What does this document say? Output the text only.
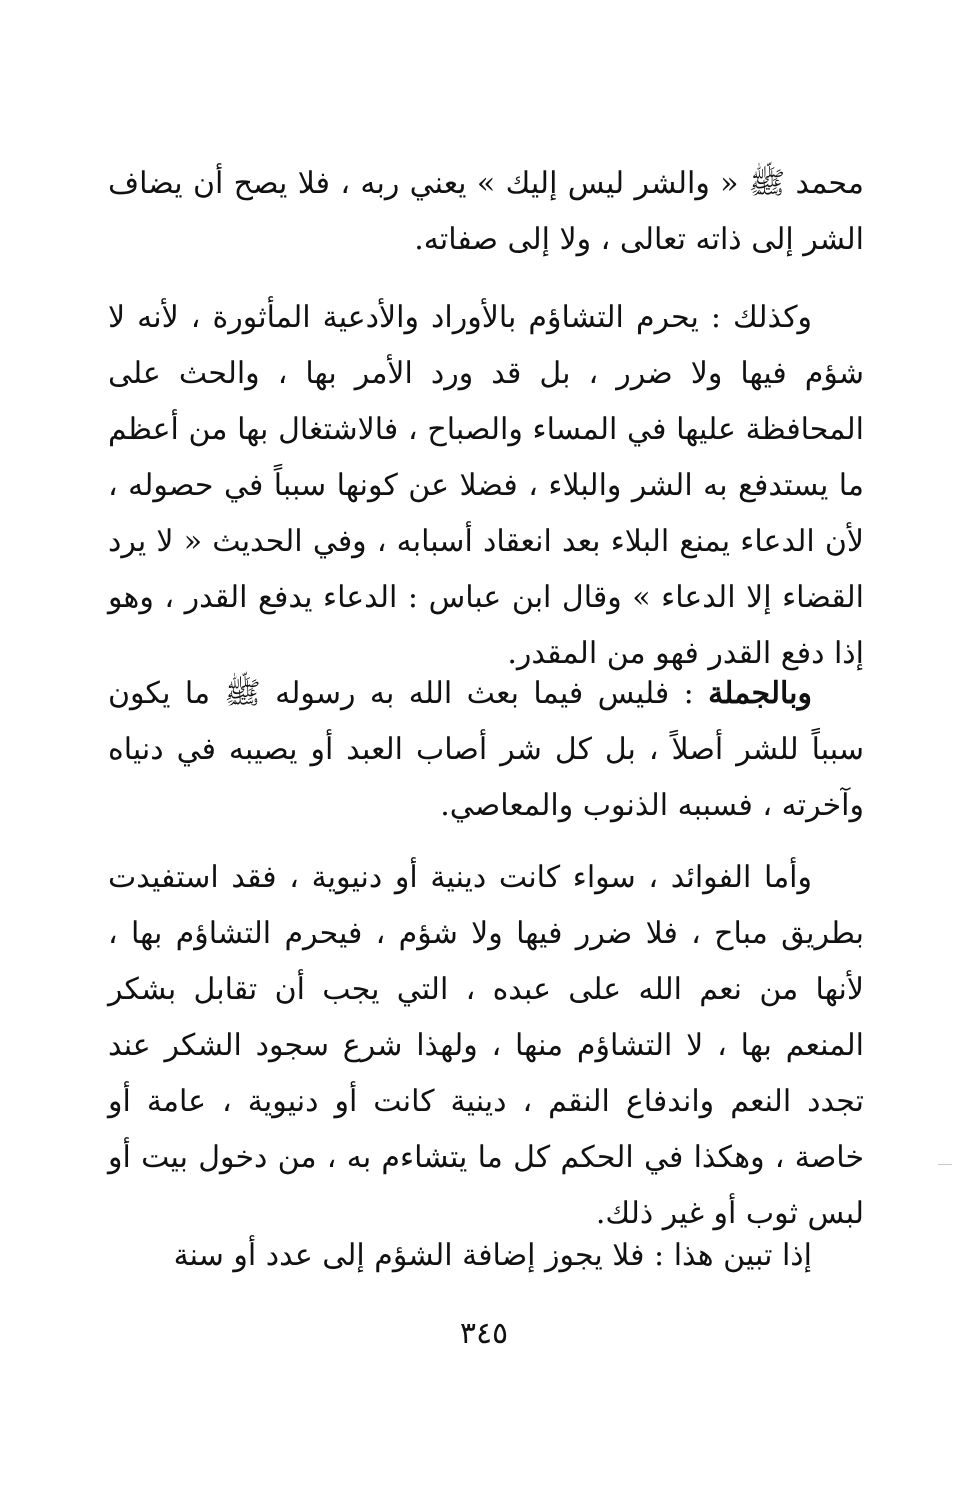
محمد ﷺ « والشر ليس إليك » يعني ربه ، فلا يصح أن يضاف الشر إلى ذاته تعالى ، ولا إلى صفاته.

وكذلك : يحرم التشاؤم بالأوراد والأدعية المأثورة ، لأنه لا شؤم فيها ولا ضرر ، بل قد ورد الأمر بها ، والحث على المحافظة عليها في المساء والصباح ، فالاشتغال بها من أعظم ما يستدفع به الشر والبلاء ، فضلا عن كونها سبباً في حصوله ، لأن الدعاء يمنع البلاء بعد انعقاد أسبابه ، وفي الحديث « لا يرد القضاء إلا الدعاء » وقال ابن عباس : الدعاء يدفع القدر ، وهو إذا دفع القدر فهو من المقدر.

وبالجملة : فليس فيما بعث الله به رسوله ﷺ ما يكون سبباً للشر أصلاً ، بل كل شر أصاب العبد أو يصيبه في دنياه وآخرته ، فسببه الذنوب والمعاصي.

وأما الفوائد ، سواء كانت دينية أو دنيوية ، فقد استفيدت بطريق مباح ، فلا ضرر فيها ولا شؤم ، فيحرم التشاؤم بها ، لأنها من نعم الله على عبده ، التي يجب أن تقابل بشكر المنعم بها ، لا التشاؤم منها ، ولهذا شرع سجود الشكر عند تجدد النعم واندفاع النقم ، دينية كانت أو دنيوية ، عامة أو خاصة ، وهكذا في الحكم كل ما يتشاءم به ، من دخول بيت أو لبس ثوب أو غير ذلك.

إذا تبين هذا : فلا يجوز إضافة الشؤم إلى عدد أو سنة

٣٤٥
